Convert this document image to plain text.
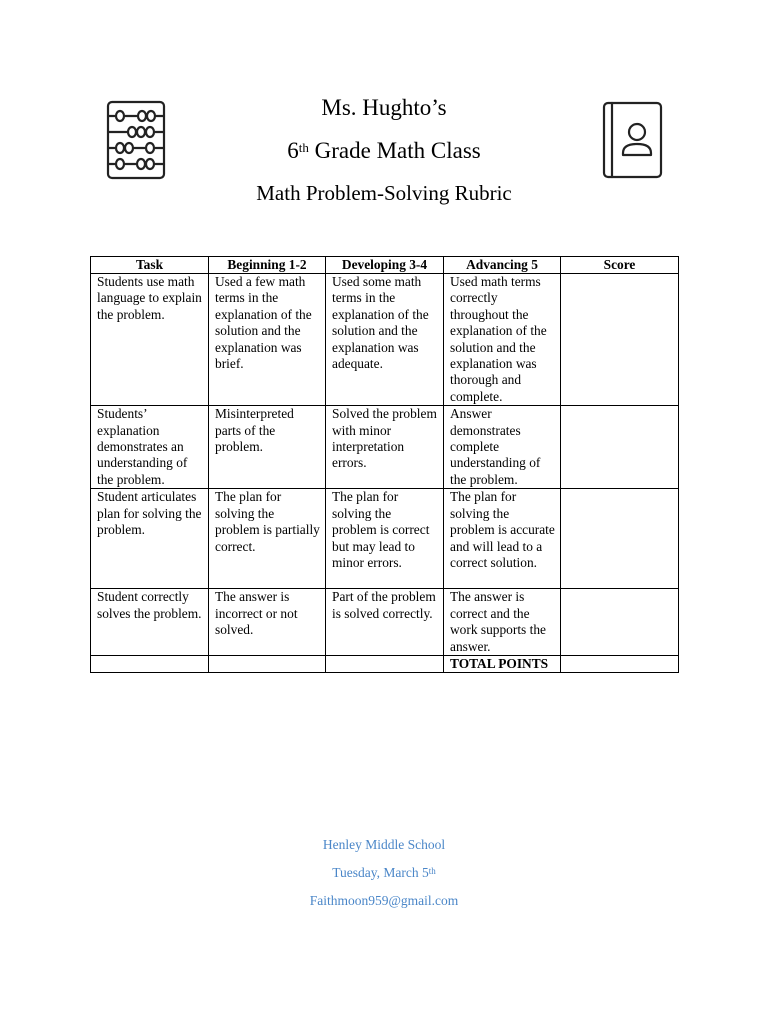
Ms. Hughto’s
6th Grade Math Class
Math Problem-Solving Rubric
Task	Beginning 1-2	Developing 3-4	Advancing 5	Score
Students use math language to explain the problem.	Used a few math terms in the explanation of the solution and the explanation was brief.	Used some math terms in the explanation of the solution and the explanation was adequate.	Used math terms correctly throughout the explanation of the solution and the explanation was thorough and complete.	
Students’ explanation demonstrates an understanding of the problem.	Misinterpreted parts of the problem.	Solved the problem with minor interpretation errors.	Answer demonstrates complete understanding of the problem.	
Student articulates plan for solving the problem.	The plan for solving the problem is partially correct.	The plan for solving the problem is correct but may lead to minor errors.	The plan for solving the problem is accurate and will lead to a correct solution.	
Student correctly solves the problem.	The answer is incorrect or not solved.	Part of the problem is solved correctly.	The answer is correct and the work supports the answer.	
			TOTAL POINTS	
Henley Middle School
Tuesday, March 5th
Faithmoon959@gmail.com
